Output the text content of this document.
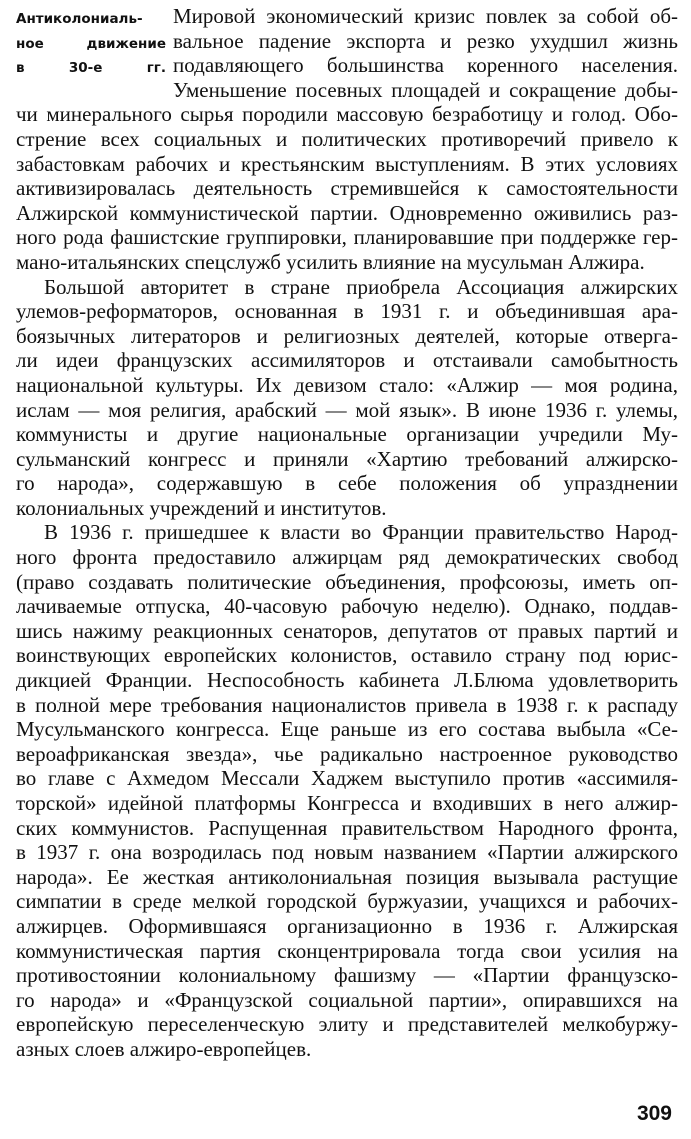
Антиколониаль-
ное движение
в 30-е гг.
Мировой экономический кризис повлек за собой об-
вальное падение экспорта и резко ухудшил жизнь
подавляющего большинства коренного населения.
Уменьшение посевных площадей и сокращение добы-
чи минерального сырья породили массовую безработицу и голод. Обо-
стрение всех социальных и политических противоречий привело к
забастовкам рабочих и крестьянским выступлениям. В этих условиях
активизировалась деятельность стремившейся к самостоятельности
Алжирской коммунистической партии. Одновременно оживились раз-
ного рода фашистские группировки, планировавшие при поддержке гер-
мано-итальянских спецслужб усилить влияние на мусульман Алжира.
Большой авторитет в стране приобрела Ассоциация алжирских
улемов-реформаторов, основанная в 1931 г. и объединившая ара-
боязычных литераторов и религиозных деятелей, которые отверга-
ли идеи французских ассимиляторов и отстаивали самобытность
национальной культуры. Их девизом стало: «Алжир — моя родина,
ислам — моя религия, арабский — мой язык». В июне 1936 г. улемы,
коммунисты и другие национальные организации учредили Му-
сульманский конгресс и приняли «Хартию требований алжирско-
го народа», содержавшую в себе положения об упразднении
колониальных учреждений и институтов.
В 1936 г. пришедшее к власти во Франции правительство Народ-
ного фронта предоставило алжирцам ряд демократических свобод
(право создавать политические объединения, профсоюзы, иметь оп-
лачиваемые отпуска, 40-часовую рабочую неделю). Однако, поддав-
шись нажиму реакционных сенаторов, депутатов от правых партий и
воинствующих европейских колонистов, оставило страну под юрис-
дикцией Франции. Неспособность кабинета Л.Блюма удовлетворить
в полной мере требования националистов привела в 1938 г. к распаду
Мусульманского конгресса. Еще раньше из его состава выбыла «Се-
вероафриканская звезда», чье радикально настроенное руководство
во главе с Ахмедом Мессали Хаджем выступило против «ассимиля-
торской» идейной платформы Конгресса и входивших в него алжир-
ских коммунистов. Распущенная правительством Народного фронта,
в 1937 г. она возродилась под новым названием «Партии алжирского
народа». Ее жесткая антиколониальная позиция вызывала растущие
симпатии в среде мелкой городской буржуазии, учащихся и рабочих-
алжирцев. Оформившаяся организационно в 1936 г. Алжирская
коммунистическая партия сконцентрировала тогда свои усилия на
противостоянии колониальному фашизму — «Партии французско-
го народа» и «Французской социальной партии», опиравшихся на
европейскую переселенческую элиту и представителей мелкобуржу-
азных слоев алжиро-европейцев.
309
